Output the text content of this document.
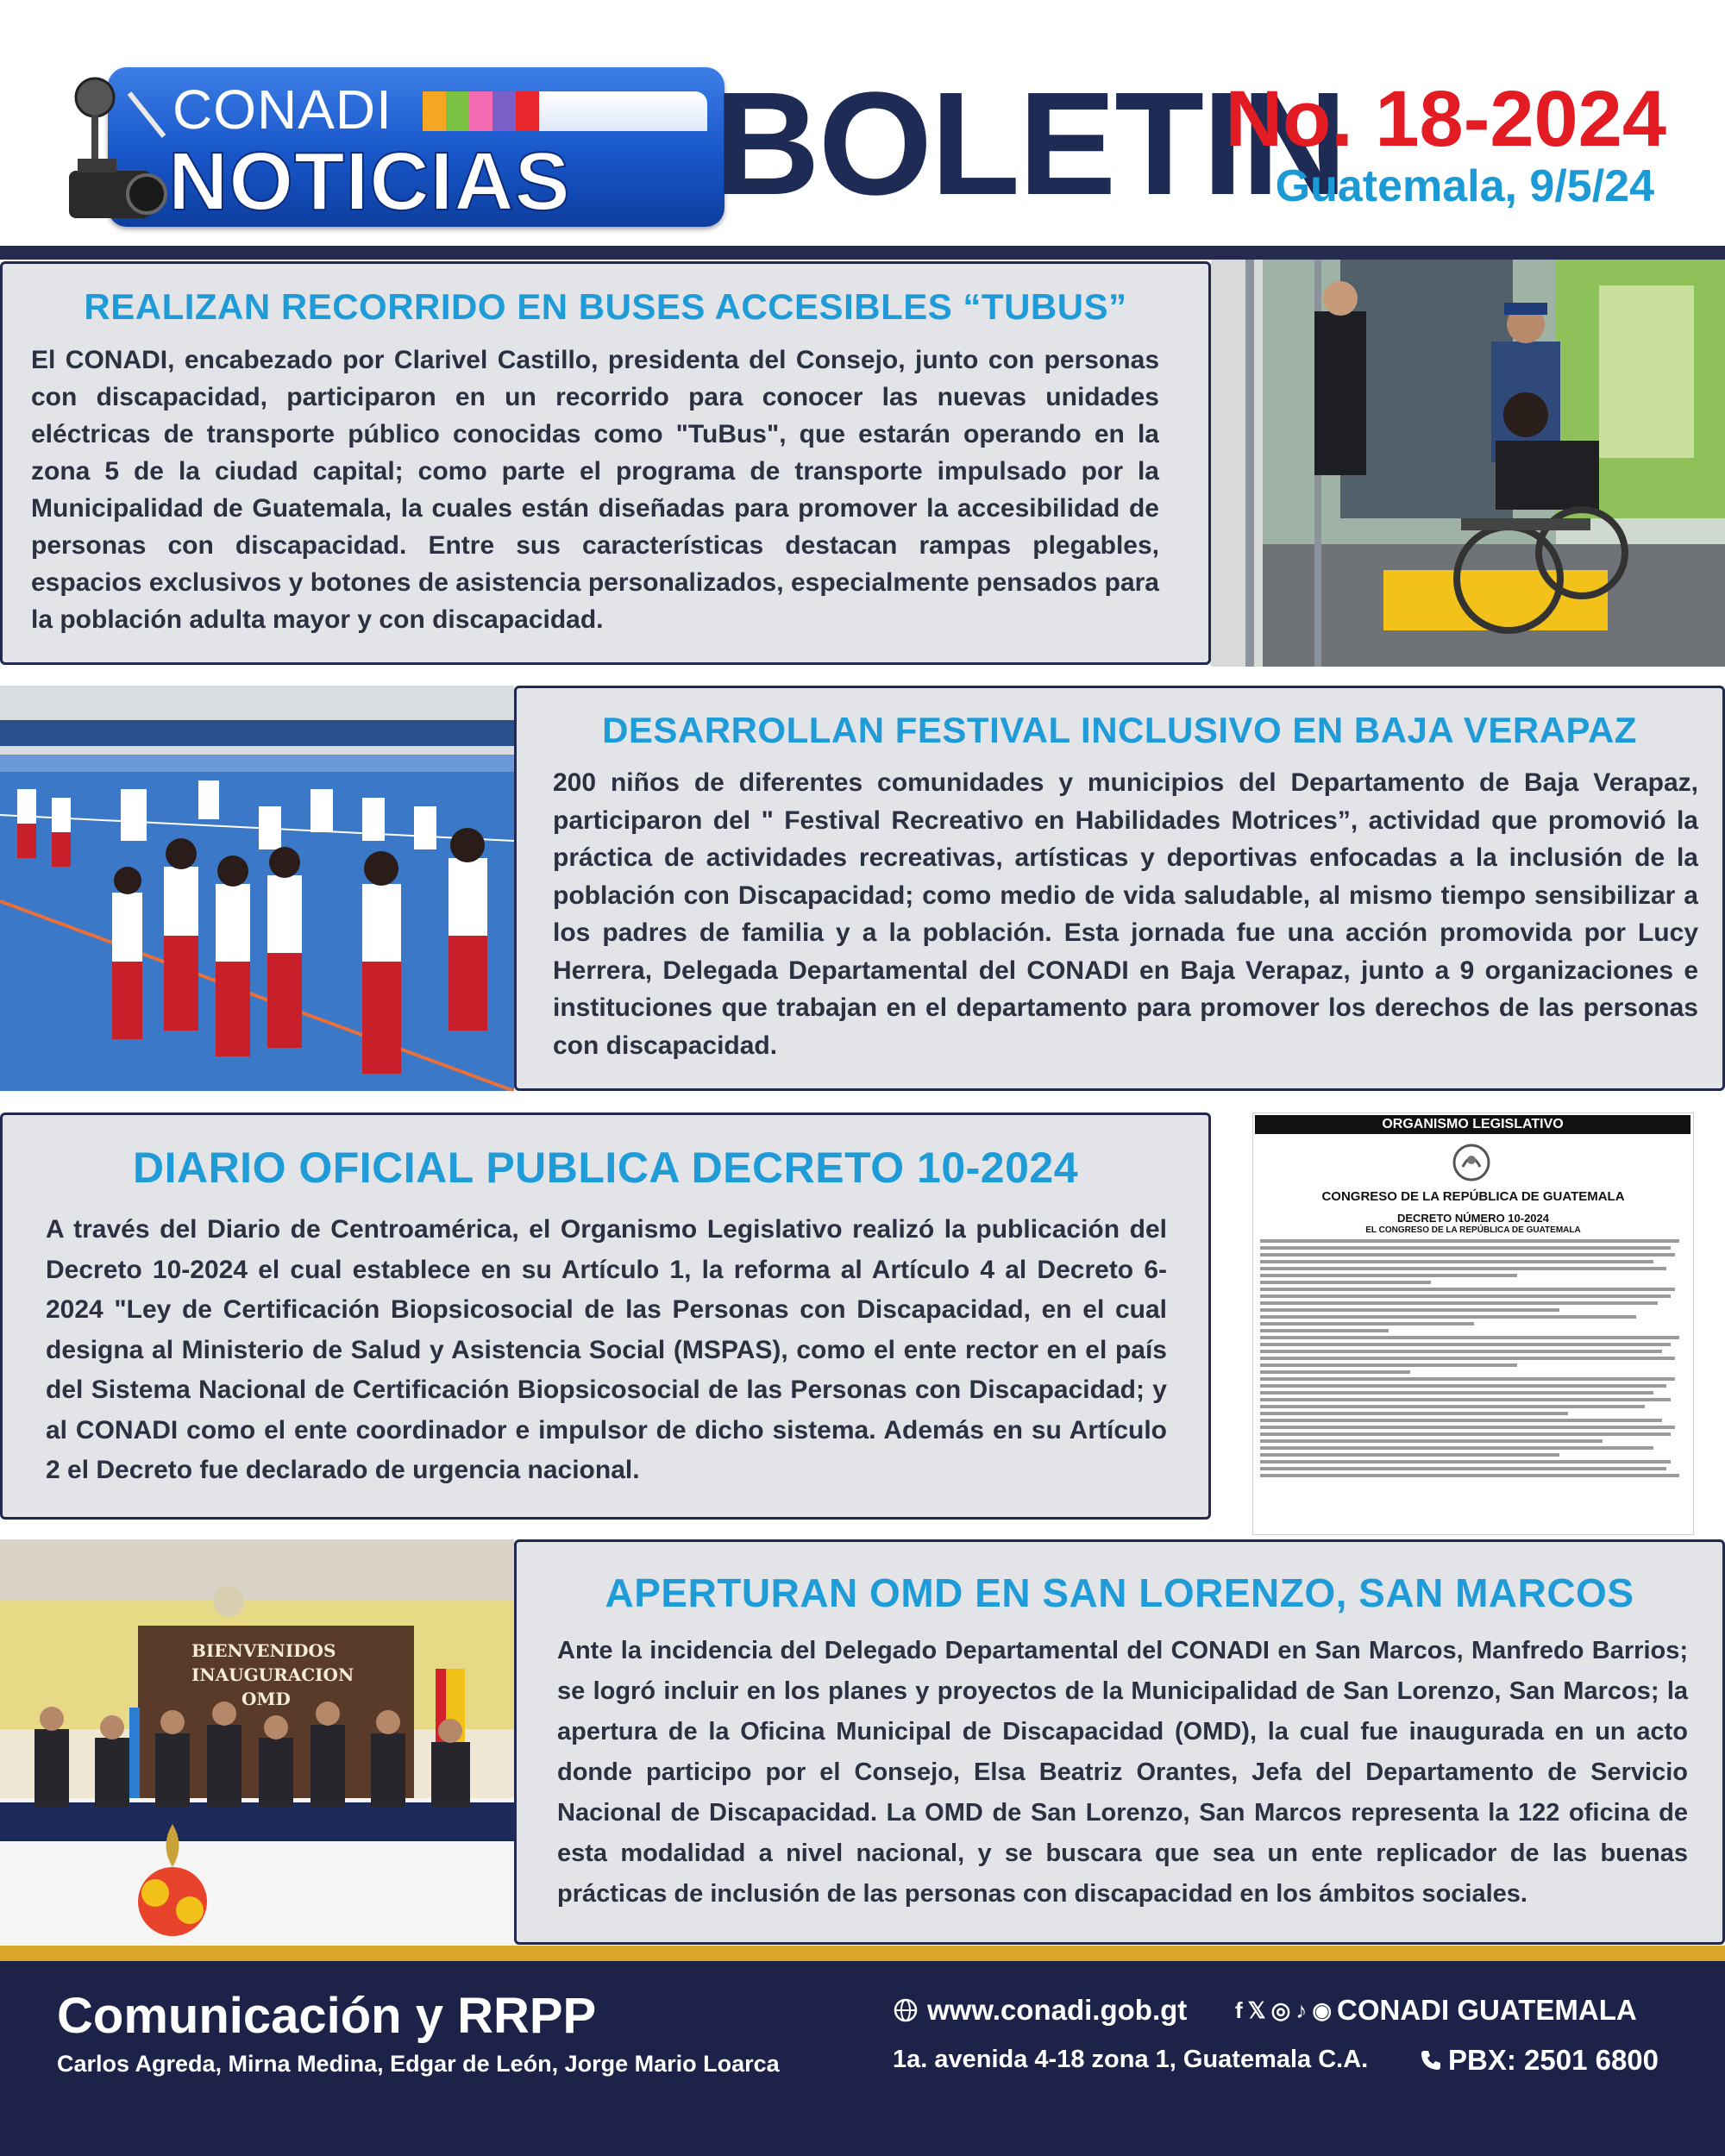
CONADI
NOTICIAS BOLETIN
No. 18-2024
Guatemala, 9/5/24
REALIZAN RECORRIDO EN BUSES ACCESIBLES “TUBUS”

El CONADI, encabezado por Clarivel Castillo, presidenta del Consejo, junto con personas con discapacidad, participaron en un recorrido para conocer las nuevas unidades eléctricas de transporte público conocidas como "TuBus", que estarán operando en la zona 5 de la ciudad capital; como parte el programa de transporte impulsado por la Municipalidad de Guatemala, la cuales están diseñadas para promover la accesibilidad de personas con discapacidad. Entre sus características destacan rampas plegables, espacios exclusivos y botones de asistencia personalizados, especialmente pensados para la población adulta mayor y con discapacidad.

DESARROLLAN FESTIVAL INCLUSIVO EN BAJA VERAPAZ

200 niños de diferentes comunidades y municipios del Departamento de Baja Verapaz, participaron del " Festival Recreativo en Habilidades Motrices”, actividad que promovió la práctica de actividades recreativas, artísticas y deportivas enfocadas a la inclusión de la población con Discapacidad; como medio de vida saludable, al mismo tiempo sensibilizar a los padres de familia y a la población. Esta jornada fue una acción promovida por Lucy Herrera, Delegada Departamental del CONADI en Baja Verapaz, junto a 9 organizaciones e instituciones que trabajan en el departamento para promover los derechos de las personas con discapacidad.

DIARIO OFICIAL PUBLICA DECRETO 10-2024

A través del Diario de Centroamérica, el Organismo Legislativo realizó la publicación del Decreto 10-2024 el cual establece en su Artículo 1, la reforma al Artículo 4 al Decreto 6-2024 "Ley de Certificación Biopsicosocial de las Personas con Discapacidad, en el cual designa al Ministerio de Salud y Asistencia Social (MSPAS), como el ente rector en el país del Sistema Nacional de Certificación Biopsicosocial de las Personas con Discapacidad; y al CONADI como el ente coordinador e impulsor de dicho sistema. Además en su Artículo 2 el Decreto fue declarado de urgencia nacional.

ORGANISMO LEGISLATIVO
CONGRESO DE LA REPÚBLICA DE GUATEMALA
DECRETO NÚMERO 10-2024
EL CONGRESO DE LA REPÚBLICA DE GUATEMALA
BIENVENIDOS
INAUGURACION
OMD
APERTURAN OMD EN SAN LORENZO, SAN MARCOS

Ante la incidencia del Delegado Departamental del CONADI en San Marcos, Manfredo Barrios; se logró incluir en los planes y proyectos de la Municipalidad de San Lorenzo, San Marcos; la apertura de la Oficina Municipal de Discapacidad (OMD), la cual fue inaugurada en un acto donde participo por el Consejo, Elsa Beatriz Orantes, Jefa del Departamento de Servicio Nacional de Discapacidad. La OMD de San Lorenzo, San Marcos representa la 122 oficina de esta modalidad a nivel nacional, y se buscara que sea un ente replicador de las buenas prácticas de inclusión de las personas con discapacidad en los ámbitos sociales.

Comunicación y RRPP
Carlos Agreda, Mirna Medina, Edgar de León, Jorge Mario Loarca
www.conadi.gob.gt f 𝕏 ◎ ♪ ◉ CONADI GUATEMALA
1a. avenida 4-18 zona 1, Guatemala C.A.	PBX: 2501 6800
